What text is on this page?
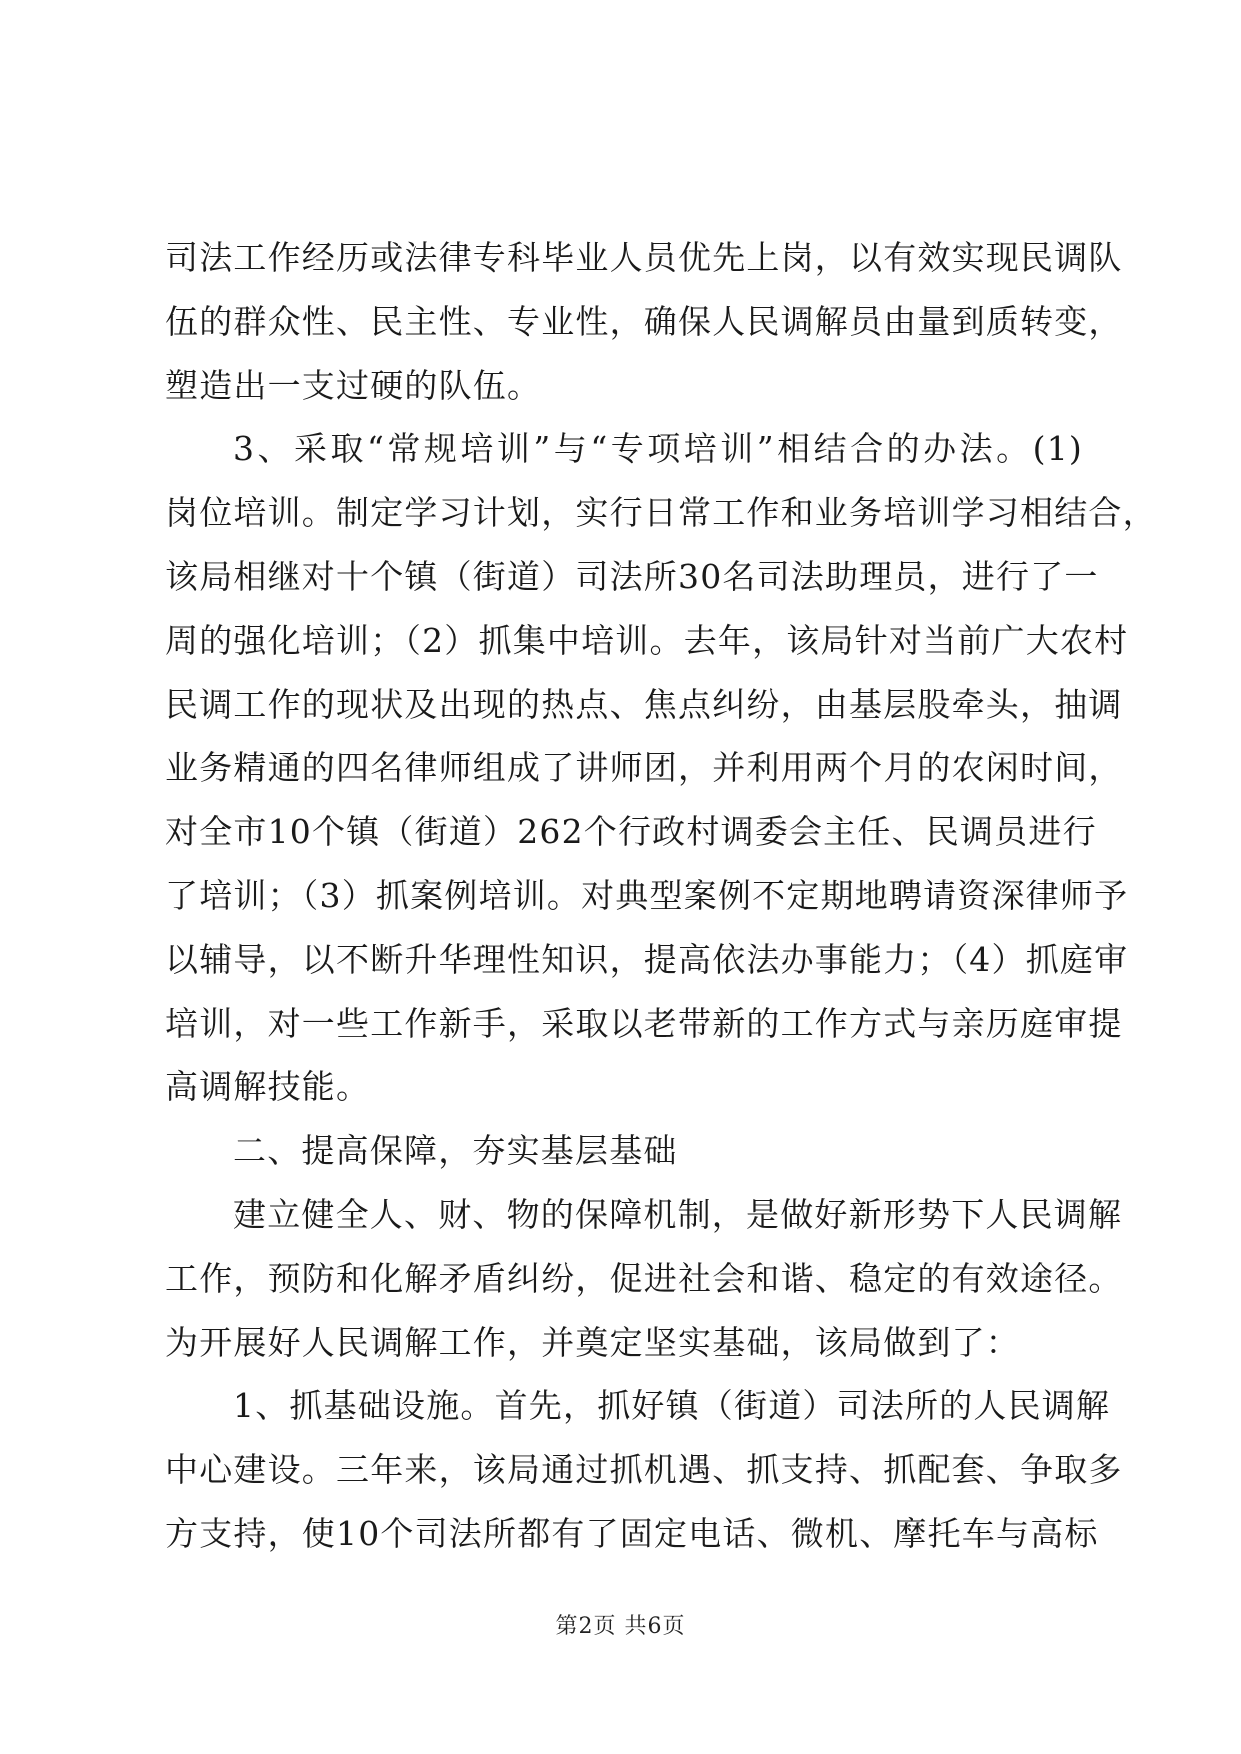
司法工作经历或法律专科毕业人员优先上岗，以有效实现民调队
伍的群众性、民主性、专业性，确保人民调解员由量到质转变，
塑造出一支过硬的队伍。
3、采取“常规培训”与“专项培训”相结合的办法。(1)
岗位培训。制定学习计划，实行日常工作和业务培训学习相结合，
该局相继对十个镇（街道）司法所30名司法助理员，进行了一
周的强化培训；（2）抓集中培训。去年，该局针对当前广大农村
民调工作的现状及出现的热点、焦点纠纷，由基层股牵头，抽调
业务精通的四名律师组成了讲师团，并利用两个月的农闲时间，
对全市10个镇（街道）262个行政村调委会主任、民调员进行
了培训；（3）抓案例培训。对典型案例不定期地聘请资深律师予
以辅导，以不断升华理性知识，提高依法办事能力；（4）抓庭审
培训，对一些工作新手，采取以老带新的工作方式与亲历庭审提
高调解技能。
二、提高保障，夯实基层基础
建立健全人、财、物的保障机制，是做好新形势下人民调解
工作，预防和化解矛盾纠纷，促进社会和谐、稳定的有效途径。
为开展好人民调解工作，并奠定坚实基础，该局做到了：
1、抓基础设施。首先，抓好镇（街道）司法所的人民调解
中心建设。三年来，该局通过抓机遇、抓支持、抓配套、争取多
方支持，使10个司法所都有了固定电话、微机、摩托车与高标
第2页 共6页
